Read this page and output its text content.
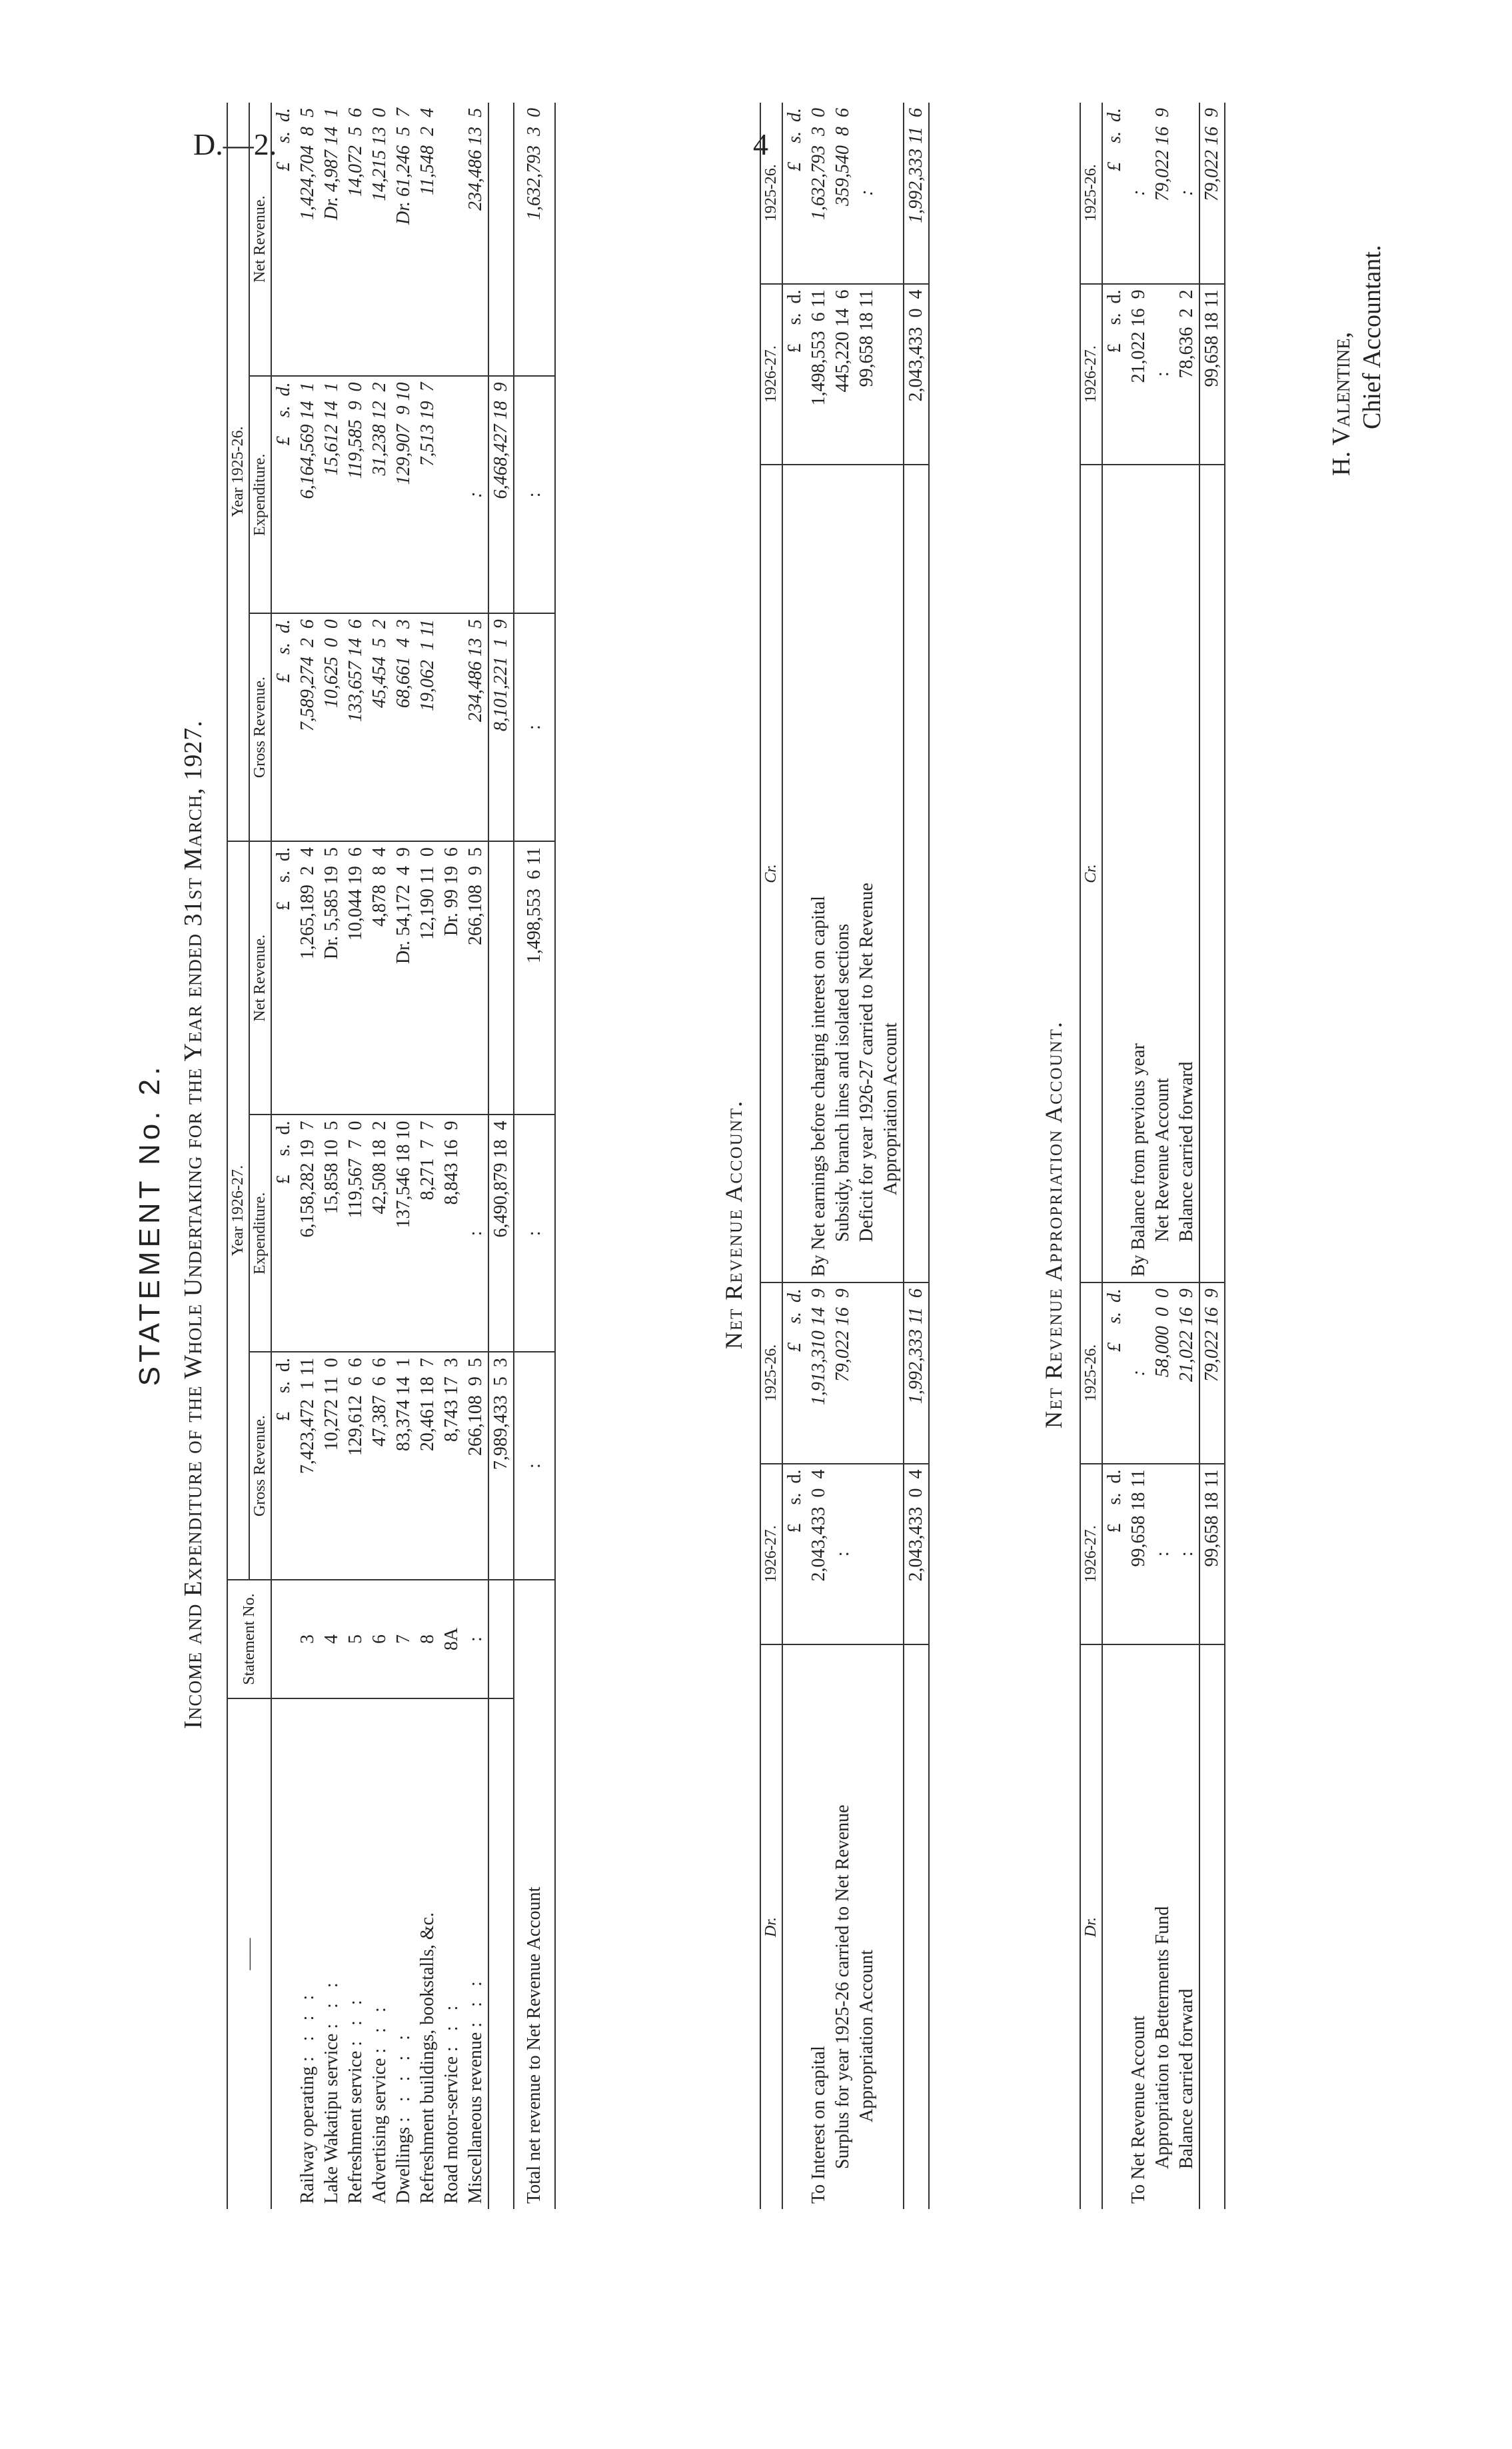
D.—2.	4
STATEMENT No. 2. Income and Expenditure of the Whole Undertaking for the Year ended 31st March, 1927.
——	Statement No.	Year 1926-27.			Year 1925-26.		
		Gross Revenue.	Expenditure.	Net Revenue.	Gross Revenue.	Expenditure.	Net Revenue.
		£    s.  d.	£    s.  d.	£    s.  d.	£    s.  d.	£    s.  d.	£    s.  d.
Railway operating : : : :	3	7,423,472  1 11	6,158,282 19  7	1,265,189  2  4	7,589,274  2  6	6,164,569 14  1	1,424,704  8  5
Lake Wakatipu service : : :	4	10,272 11  0	15,858 10  5	Dr. 5,585 19  5	10,625  0  0	15,612 14  1	Dr. 4,987 14  1
Refreshment service : : :	5	129,612  6  6	119,567  7  0	10,044 19  6	133,657 14  6	119,585  9  0	14,072  5  6
Advertising service : : :	6	47,387  6  6	42,508 18  2	4,878  8  4	45,454  5  2	31,238 12  2	14,215 13  0
Dwellings : : : : :	7	83,374 14  1	137,546 18 10	Dr. 54,172  4  9	68,661  4  3	129,907  9 10	Dr. 61,246  5  7
Refreshment buildings, bookstalls, &c.	8	20,461 18  7	8,271  7  7	12,190 11  0	19,062  1 11	7,513 19  7	11,548  2  4
Road motor-service : : :	8A	8,743 17  3	8,843 16  9	Dr. 99 19  6			
Miscellaneous revenue : : :	:	266,108  9  5	:	266,108  9  5	234,486 13  5	:	234,486 13  5
		7,989,433  5  3	6,490,879 18  4		8,101,221  1  9	6,468,427 18  9	
Total net revenue to Net Revenue Account		:	:	1,498,553  6 11	:	:	1,632,793  3  0
Net Revenue Account.
Dr.	1926-27.	1925-26.	Cr.	1926-27.	1925-26.
	£    s.  d.	£    s.  d.		£    s.  d.	£    s.  d.
To Interest on capital	2,043,433  0  4	1,913,310 14  9	By Net earnings before charging interest on capital	1,498,553  6 11	1,632,793  3  0
Surplus for year 1925-26 carried to Net Revenue	:	79,022 16  9	Subsidy, branch lines and isolated sections	445,220 14  6	359,540  8  6
Appropriation Account			Deficit for year 1926-27 carried to Net Revenue	99,658 18 11	:
			Appropriation Account		
	2,043,433  0  4	1,992,333 11  6		2,043,433  0  4	1,992,333 11  6
Net Revenue Appropriation Account.
Dr.	1926-27.	1925-26.	Cr.	1926-27.	1925-26.
	£    s.  d.	£    s.  d.		£    s.  d.	£    s.  d.
To Net Revenue Account	99,658 18 11	:	By Balance from previous year	21,022 16  9	:
Appropriation to Betterments Fund	:	58,000  0  0	Net Revenue Account	:	79,022 16  9
Balance carried forward	:	21,022 16  9	Balance carried forward	78,636  2  2	:
	99,658 18 11	79,022 16  9		99,658 18 11	79,022 16  9
H. Valentine, Chief Accountant.
